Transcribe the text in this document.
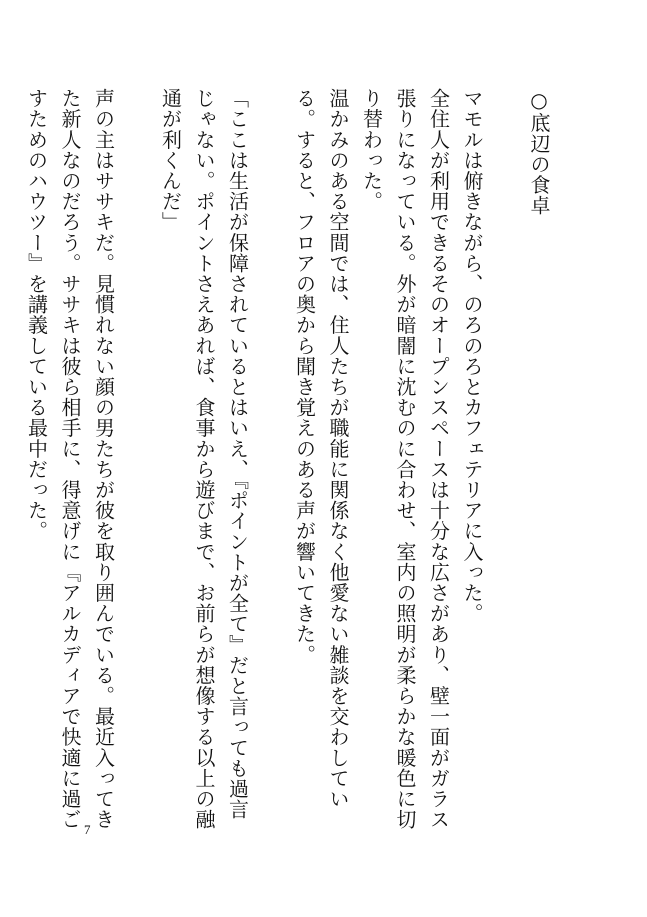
○底辺の食卓

マモルは俯きながら、のろのろとカフェテリアに入った。

全住人が利用できるそのオープンスペースは十分な広さがあり、壁一面がガラス張りになっている。外が暗闇に沈むのに合わせ、室内の照明が柔らかな暖色に切り替わった。

温かみのある空間では、住人たちが職能に関係なく他愛ない雑談を交わしている。すると、フロアの奥から聞き覚えのある声が響いてきた。

「ここは生活が保障されているとはいえ、『ポイントが全て』だと言っても過言じゃない。ポイントさえあれば、食事から遊びまで、お前らが想像する以上の融通が利くんだ」

声の主はササキだ。見慣れない顔の男たちが彼を取り囲んでいる。最近入ってきた新人なのだろう。ササキは彼ら相手に、得意げに『アルカディアで快適に過ごすためのハウツー』を講義している最中だった。

7
